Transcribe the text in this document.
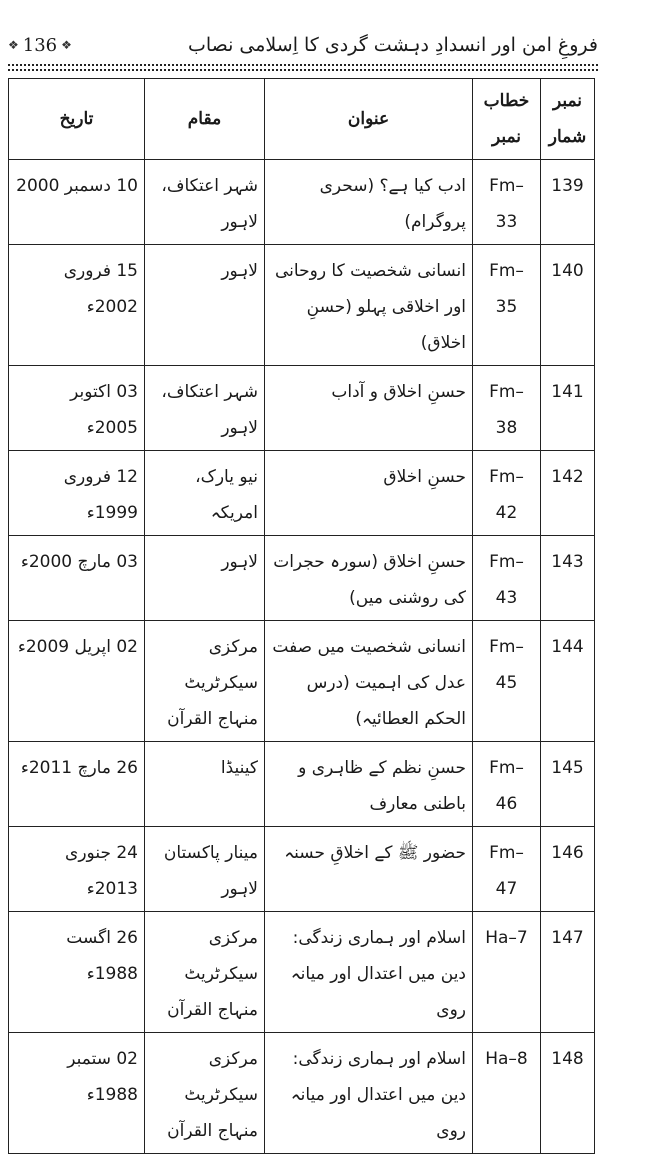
❖ 136 ❖	فروغِ امن اور انسدادِ دہشت گردی کا اِسلامی نصاب
نمبر شمار	خطاب نمبر	عنوان	مقام	تاریخ
139	Fm–33	ادب کیا ہے؟ (سحری پروگرام)	شہر اعتکاف، لاہور	10 دسمبر 2000
140	Fm–35	انسانی شخصیت کا روحانی اور اخلاقی پہلو (حسنِ اخلاق)	لاہور	15 فروری 2002ء
141	Fm–38	حسنِ اخلاق و آداب	شہر اعتکاف، لاہور	03 اکتوبر 2005ء
142	Fm–42	حسنِ اخلاق	نیو یارک، امریکہ	12 فروری 1999ء
143	Fm–43	حسنِ اخلاق (سورہ حجرات کی روشنی میں)	لاہور	03 مارچ 2000ء
144	Fm–45	انسانی شخصیت میں صفت عدل کی اہمیت (درس الحکم العطائیہ)	مرکزی سیکرٹریٹ منہاج القرآن	02 اپریل 2009ء
145	Fm–46	حسنِ نظم کے ظاہری و باطنی معارف	کینیڈا	26 مارچ 2011ء
146	Fm–47	حضور ﷺ کے اخلاقِ حسنہ	مینار پاکستان لاہور	24 جنوری 2013ء
147	Ha–7	اسلام اور ہماری زندگی: دین میں اعتدال اور میانہ روی	مرکزی سیکرٹریٹ منہاج القرآن	26 اگست 1988ء
148	Ha–8	اسلام اور ہماری زندگی: دین میں اعتدال اور میانہ روی	مرکزی سیکرٹریٹ منہاج القرآن	02 ستمبر 1988ء
